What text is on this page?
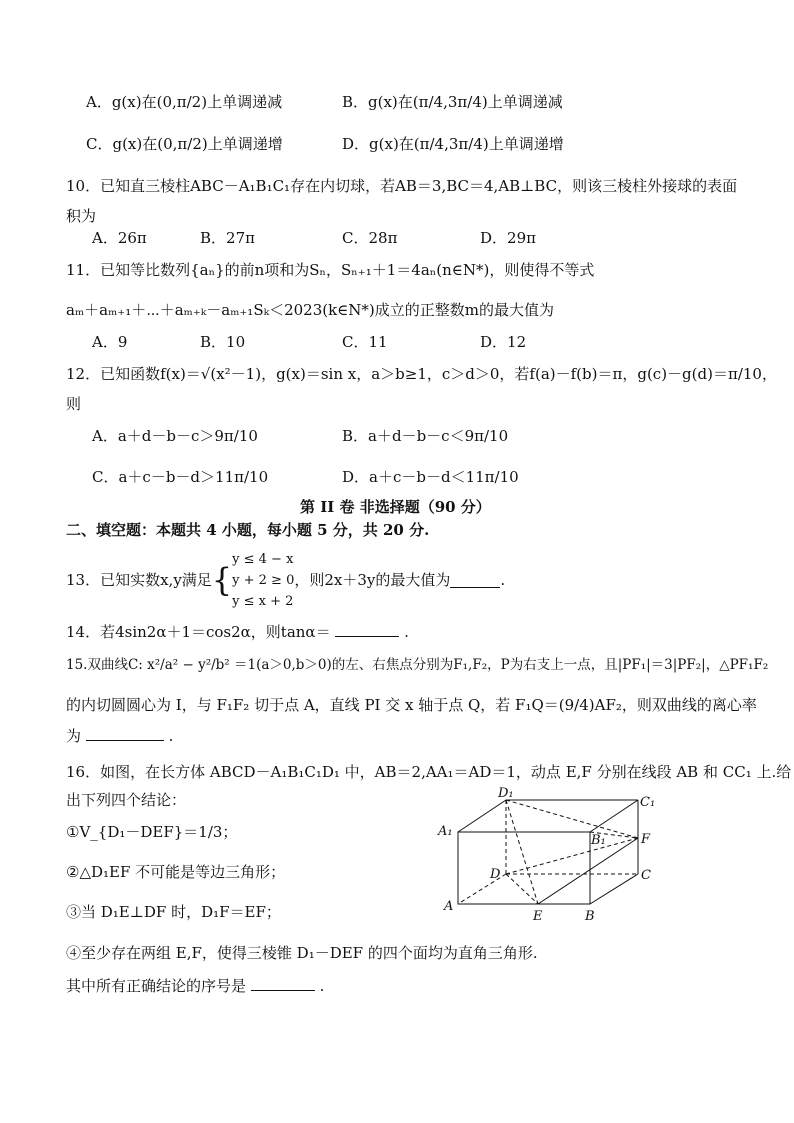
A．g(x)在(0,π/2)上单调递减	B．g(x)在(π/4,3π/4)上单调递减
C．g(x)在(0,π/2)上单调递增	D．g(x)在(π/4,3π/4)上单调递增
10．已知直三棱柱ABC－A₁B₁C₁存在内切球，若AB＝3,BC＝4,AB⊥BC，则该三棱柱外接球的表面
积为
A．26π	B．27π	C．28π	D．29π
11．已知等比数列{aₙ}的前n项和为Sₙ，Sₙ₊₁＋1＝4aₙ(n∈N*)，则使得不等式
aₘ＋aₘ₊₁＋⋯＋aₘ₊ₖ－aₘ₊₁Sₖ＜2023(k∈N*)成立的正整数m的最大值为
A．9	B．10	C．11	D．12
12．已知函数f(x)＝√(x²－1)，g(x)＝sin x，a＞b≥1，c＞d＞0，若f(a)－f(b)＝π，g(c)－g(d)＝π/10，
则
A．a＋d－b－c＞9π/10	B．a＋d－b－c＜9π/10
C．a＋c－b－d＞11π/10	D．a＋c－b－d＜11π/10
第 II 卷 非选择题（90 分）
二、填空题：本题共 4 小题，每小题 5 分，共 20 分.
13．已知实数x,y满足 {
y ≤ 4 − x
y + 2 ≥ 0
y ≤ x + 2
，则2x＋3y的最大值为	.
14．若4sin2α＋1＝cos2α，则tanα＝	.
15.双曲线C: x²/a² − y²/b² ＝1(a＞0,b＞0)的左、右焦点分别为F₁,F₂，P为右支上一点，且|PF₁|＝3|PF₂|，△PF₁F₂
的内切圆圆心为 I，与 F₁F₂ 切于点 A，直线 PI 交 x 轴于点 Q，若 F₁Q＝(9/4)AF₂，则双曲线的离心率
为	.
16．如图，在长方体 ABCD－A₁B₁C₁D₁ 中，AB＝2,AA₁＝AD＝1，动点 E,F 分别在线段 AB 和 CC₁ 上.给
出下列四个结论：
①V_{D₁－DEF}＝1/3；
②△D₁EF 不可能是等边三角形；
③当 D₁E⊥DF 时，D₁F＝EF；
④至少存在两组 E,F，使得三棱锥 D₁－DEF 的四个面均为直角三角形.
其中所有正确结论的序号是	.
D₁
C₁
A₁
B₁	F
D	C
A
E	B
